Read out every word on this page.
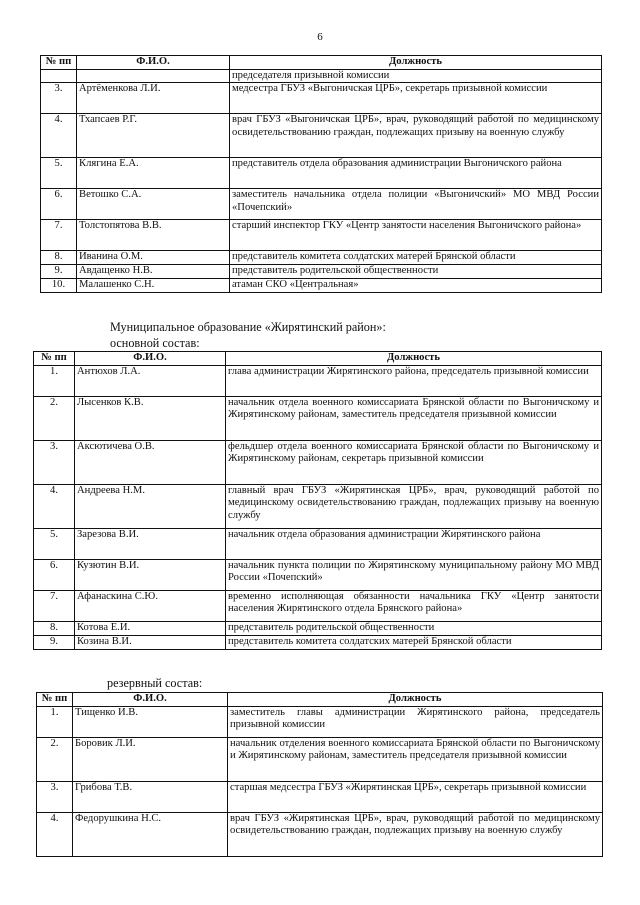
6
№ пп	Ф.И.О.	Должность
		председателя призывной комиссии
3.	Артёменкова Л.И.	медсестра ГБУЗ «Выгоничская ЦРБ», секретарь призывной комиссии
4.	Тхапсаев Р.Г.	врач ГБУЗ «Выгоничская ЦРБ», врач, руководящий работой по медицинскому освидетельствованию граждан, подлежащих призыву на военную службу
5.	Клягина Е.А.	представитель отдела образования администрации Выгоничского района
6.	Ветошко С.А.	заместитель начальника отдела полиции «Выгоничский» МО МВД России «Почепский»
7.	Толстопятова В.В.	старший инспектор ГКУ «Центр занятости населения Выгоничского района»
8.	Иванина О.М.	представитель комитета солдатских матерей Брянской области
9.	Авдащенко Н.В.	представитель родительской общественности
10.	Малашенко С.Н.	атаман СКО «Центральная»
Муниципальное образование «Жирятинский район»:
основной состав:
№ пп	Ф.И.О.	Должность
1.	Антюхов Л.А.	глава администрации Жирятинского района, председатель призывной комиссии
2.	Лысенков К.В.	начальник отдела военного комиссариата Брянской области по Выгоничскому и Жирятинскому районам, заместитель председателя призывной комиссии
3.	Аксютичева О.В.	фельдшер отдела военного комиссариата Брянской области по Выгоничскому и Жирятинскому районам, секретарь призывной комиссии
4.	Андреева Н.М.	главный врач ГБУЗ «Жирятинская ЦРБ», врач, руководящий работой по медицинскому освидетельствованию граждан, подлежащих призыву на военную службу
5.	Зарезова В.И.	начальник отдела образования администрации Жирятинского района
6.	Кузютин В.И.	начальник пункта полиции по Жирятинскому муниципальному району МО МВД России «Почепский»
7.	Афанаскина С.Ю.	временно исполняющая обязанности начальника ГКУ «Центр занятости населения Жирятинского отдела Брянского района»
8.	Котова Е.И.	представитель родительской общественности
9.	Козина В.И.	представитель комитета солдатских матерей Брянской области
резервный состав:
№ пп	Ф.И.О.	Должность
1.	Тищенко И.В.	заместитель главы администрации Жирятинского района, председатель призывной комиссии
2.	Боровик Л.И.	начальник отделения военного комиссариата Брянской области по Выгоничскому и Жирятинскому районам, заместитель председателя призывной комиссии
3.	Грибова Т.В.	старшая медсестра ГБУЗ «Жирятинская ЦРБ», секретарь призывной комиссии
4.	Федорушкина Н.С.	врач ГБУЗ «Жирятинская ЦРБ», врач, руководящий работой по медицинскому освидетельствованию граждан, подлежащих призыву на военную службу
